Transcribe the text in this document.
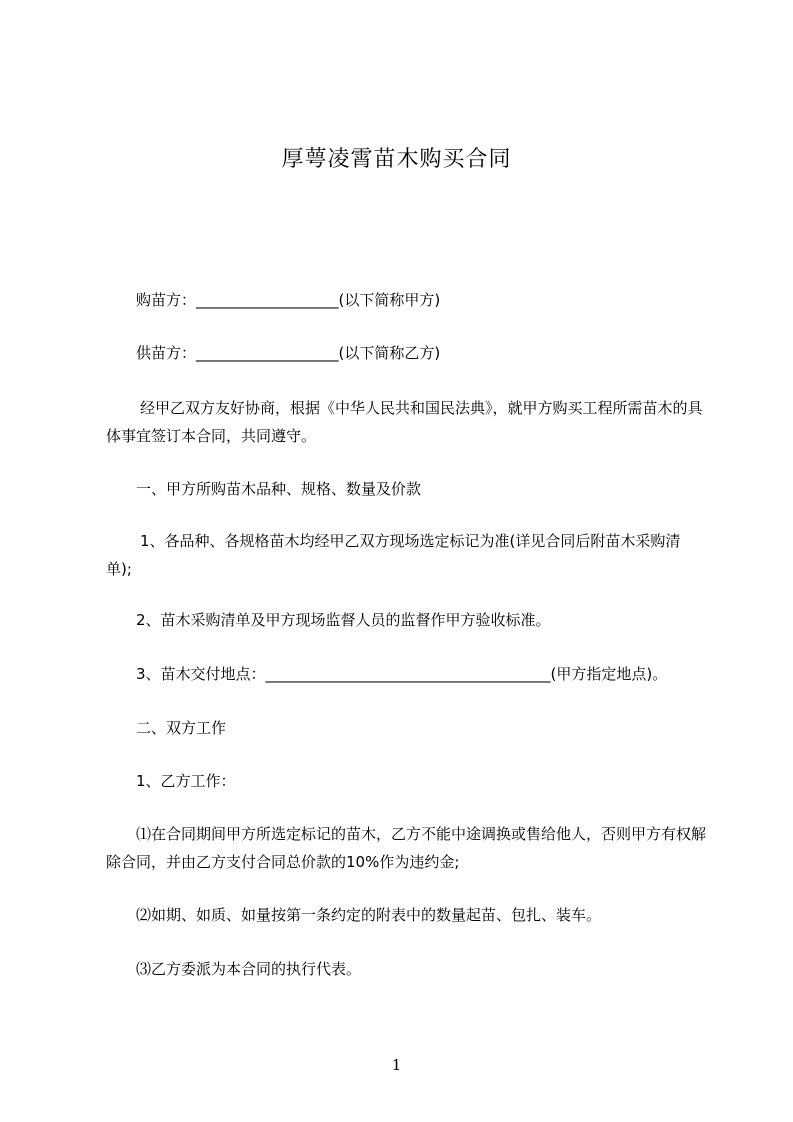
厚萼凌霄苗木购买合同
购苗方：___________________(以下简称甲方)
供苗方：___________________(以下简称乙方)
经甲乙双方友好协商，根据《中华人民共和国民法典》，就甲方购买工程所需苗木的具体事宜签订本合同，共同遵守。
一、甲方所购苗木品种、规格、数量及价款
1、各品种、各规格苗木均经甲乙双方现场选定标记为准(详见合同后附苗木采购清单);
2、苗木采购清单及甲方现场监督人员的监督作甲方验收标准。
3、苗木交付地点：______________________________________(甲方指定地点)。
二、双方工作
1、乙方工作：
⑴在合同期间甲方所选定标记的苗木，乙方不能中途调换或售给他人，否则甲方有权解除合同，并由乙方支付合同总价款的10%作为违约金;
⑵如期、如质、如量按第一条约定的附表中的数量起苗、包扎、装车。
⑶乙方委派为本合同的执行代表。
1
